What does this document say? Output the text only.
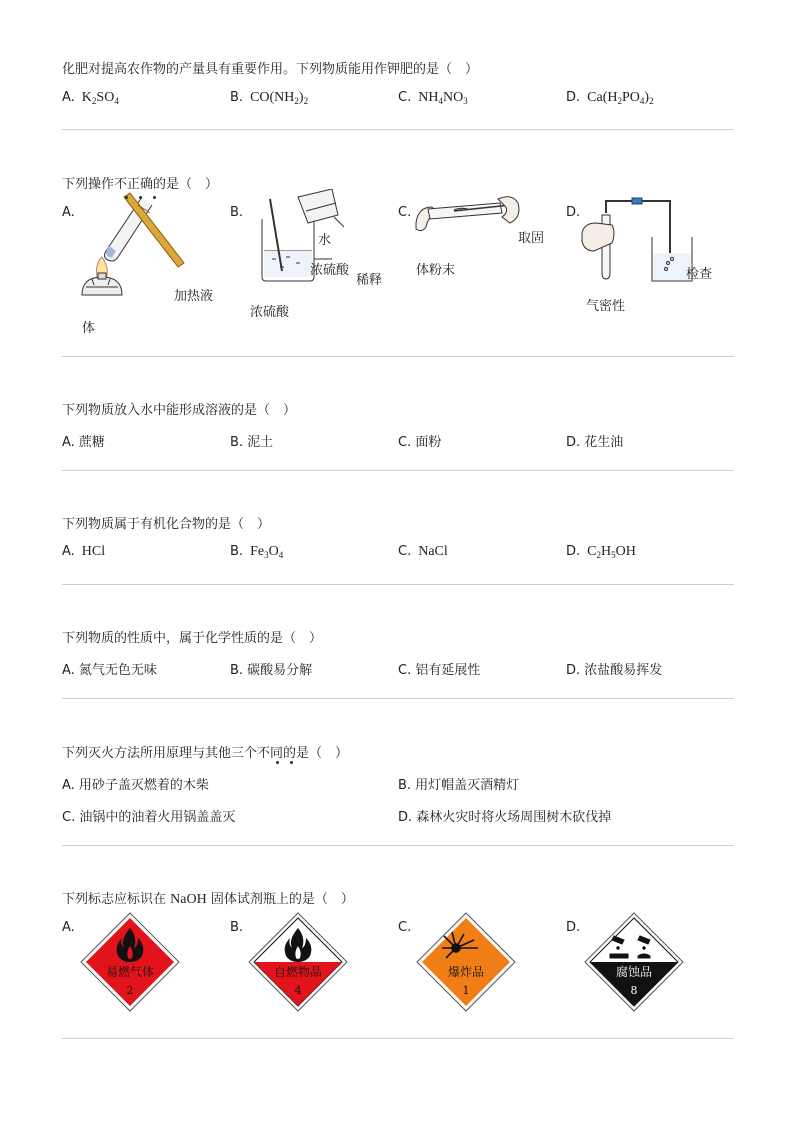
化肥对提高农作物的产量具有重要作用。下列物质能用作钾肥的是（　）
A. $K_2SO_4$	B. $CO(NH_2)_2$	C. $NH_4NO_3$	D. $Ca(H_2PO_4)_2$
下列操作不正确的是（　）
A.	B.	C.	D.
加热液
体
水
浓硫酸
稀释
浓硫酸
取固
体粉末	检查
气密性
下列物质放入水中能形成溶液的是（　）
A. 蔗糖	B. 泥土	C. 面粉	D. 花生油
下列物质属于有机化合物的是（　）
A. HCl	B. $Fe_3O_4$	C. NaCl	D. $C_2H_5OH$
下列物质的性质中，属于化学性质的是（　）
A. 氮气无色无味	B. 碳酸易分解	C. 铝有延展性	D. 浓盐酸易挥发
下列灭火方法所用原理与其他三个不同的是（　）
A. 用砂子盖灭燃着的木柴	B. 用灯帽盖灭酒精灯
C. 油锅中的油着火用锅盖盖灭	D. 森林火灾时将火场周围树木砍伐掉
下列标志应标识在 NaOH 固体试剂瓶上的是（　）
A.	B.	C.	D.
易燃气体
2
自燃物品
4
爆炸品
1
腐蚀品
8
